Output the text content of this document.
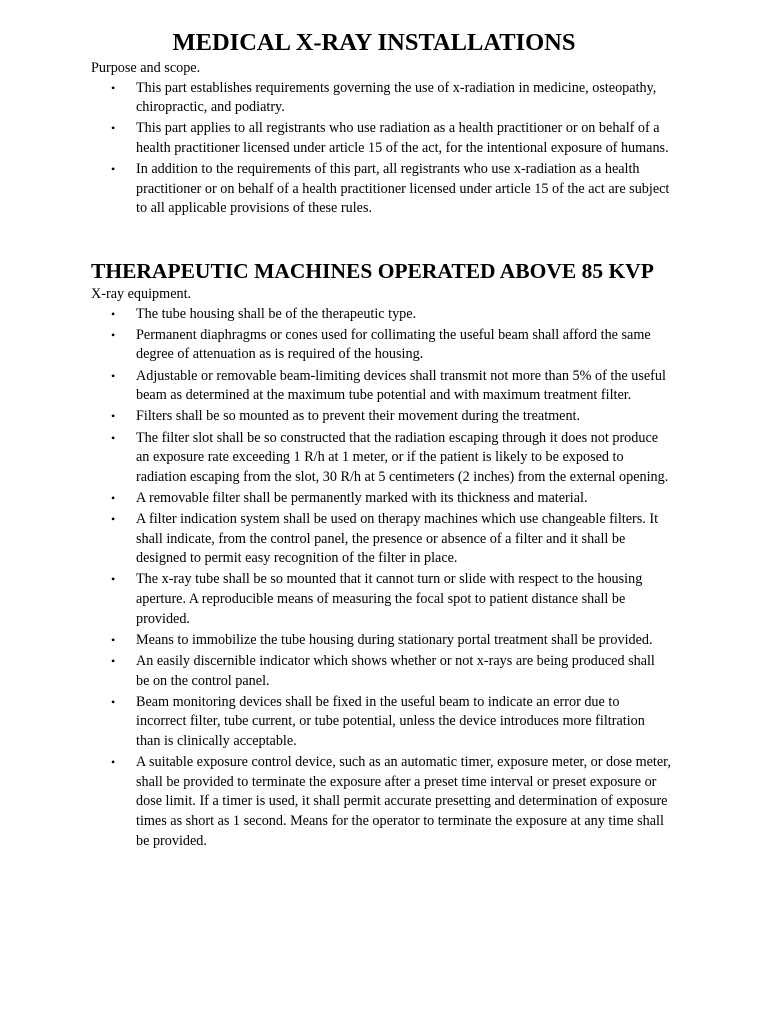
MEDICAL X-RAY INSTALLATIONS

Purpose and scope.

• This part establishes requirements governing the use of x-radiation in medicine, osteopathy, chiropractic, and podiatry.
• This part applies to all registrants who use radiation as a health practitioner or on behalf of a health practitioner licensed under article 15 of the act, for the intentional exposure of humans.
• In addition to the requirements of this part, all registrants who use x-radiation as a health practitioner or on behalf of a health practitioner licensed under article 15 of the act are subject to all applicable provisions of these rules.
THERAPEUTIC MACHINES OPERATED ABOVE 85 KVP

X-ray equipment.

• The tube housing shall be of the therapeutic type.
• Permanent diaphragms or cones used for collimating the useful beam shall afford the same degree of attenuation as is required of the housing.
• Adjustable or removable beam-limiting devices shall transmit not more than 5% of the useful beam as determined at the maximum tube potential and with maximum treatment filter.
• Filters shall be so mounted as to prevent their movement during the treatment.
• The filter slot shall be so constructed that the radiation escaping through it does not produce an exposure rate exceeding 1 R/h at 1 meter, or if the patient is likely to be exposed to radiation escaping from the slot, 30 R/h at 5 centimeters (2 inches) from the external opening.
• A removable filter shall be permanently marked with its thickness and material.
• A filter indication system shall be used on therapy machines which use changeable filters. It shall indicate, from the control panel, the presence or absence of a filter and it shall be designed to permit easy recognition of the filter in place.
• The x-ray tube shall be so mounted that it cannot turn or slide with respect to the housing aperture. A reproducible means of measuring the focal spot to patient distance shall be provided.
• Means to immobilize the tube housing during stationary portal treatment shall be provided.
• An easily discernible indicator which shows whether or not x-rays are being produced shall be on the control panel.
• Beam monitoring devices shall be fixed in the useful beam to indicate an error due to incorrect filter, tube current, or tube potential, unless the device introduces more filtration than is clinically acceptable.
• A suitable exposure control device, such as an automatic timer, exposure meter, or dose meter, shall be provided to terminate the exposure after a preset time interval or preset exposure or dose limit. If a timer is used, it shall permit accurate presetting and determination of exposure times as short as 1 second. Means for the operator to terminate the exposure at any time shall be provided.
